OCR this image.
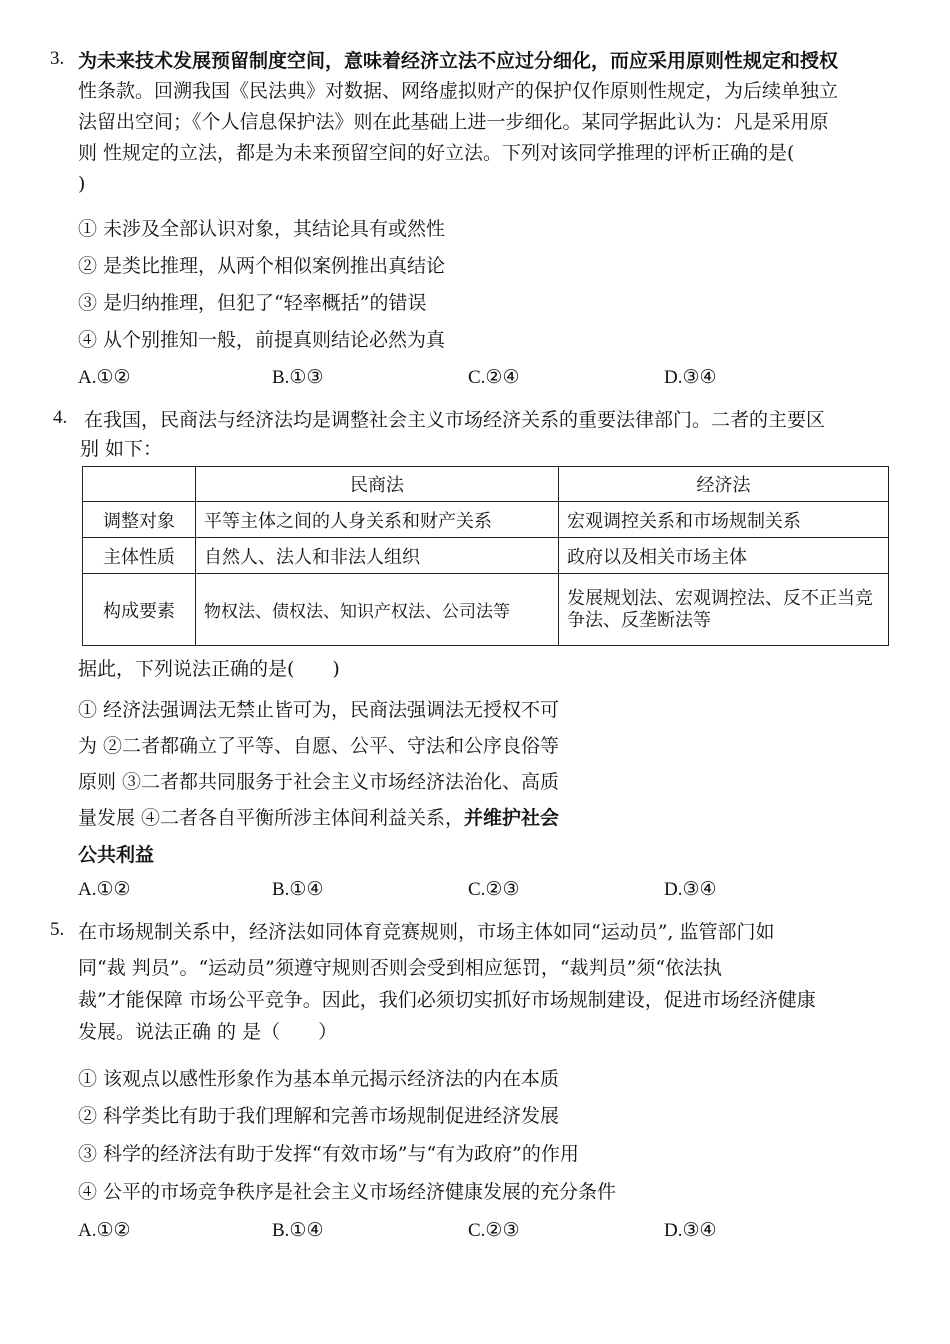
3. 为未来技术发展预留制度空间，意味着经济立法不应过分细化，而应采用原则性规定和授权
性条款。回溯我国《民法典》对数据、网络虚拟财产的保护仅作原则性规定，为后续单独立
法留出空间；《个人信息保护法》则在此基础上进一步细化。某同学据此认为：凡是采用原
则 性规定的立法，都是为未来预留空间的好立法。下列对该同学推理的评析正确的是(
)
① 未涉及全部认识对象，其结论具有或然性
② 是类比推理，从两个相似案例推出真结论
③ 是归纳推理，但犯了“轻率概括”的错误
④ 从个别推知一般，前提真则结论必然为真
A.①②	B.①③	C.②④	D.③④
4. 在我国，民商法与经济法均是调整社会主义市场经济关系的重要法律部门。二者的主要区
别 如下：
	民商法	经济法
调整对象	平等主体之间的人身关系和财产关系	宏观调控关系和市场规制关系
主体性质	自然人、法人和非法人组织	政府以及相关市场主体
构成要素	物权法、债权法、知识产权法、公司法等	发展规划法、宏观调控法、反不正当竞争法、反垄断法等
据此，下列说法正确的是(　　)
① 经济法强调法无禁止皆可为，民商法强调法无授权不可
为 ②二者都确立了平等、自愿、公平、守法和公序良俗等
原则 ③二者都共同服务于社会主义市场经济法治化、高质
量发展 ④二者各自平衡所涉主体间利益关系，并维护社会
公共利益
A.①②	B.①④	C.②③	D.③④
5. 在市场规制关系中，经济法如同体育竞赛规则，市场主体如同“运动员”, 监管部门如
同“裁 判员”。“运动员”须遵守规则否则会受到相应惩罚，“裁判员”须“依法执
裁”才能保障 市场公平竞争。因此，我们必须切实抓好市场规制建设，促进市场经济健康
发展。说法正确 的 是（　　）
① 该观点以感性形象作为基本单元揭示经济法的内在本质
② 科学类比有助于我们理解和完善市场规制促进经济发展
③ 科学的经济法有助于发挥“有效市场”与“有为政府”的作用
④ 公平的市场竞争秩序是社会主义市场经济健康发展的充分条件
A.①②	B.①④	C.②③	D.③④
